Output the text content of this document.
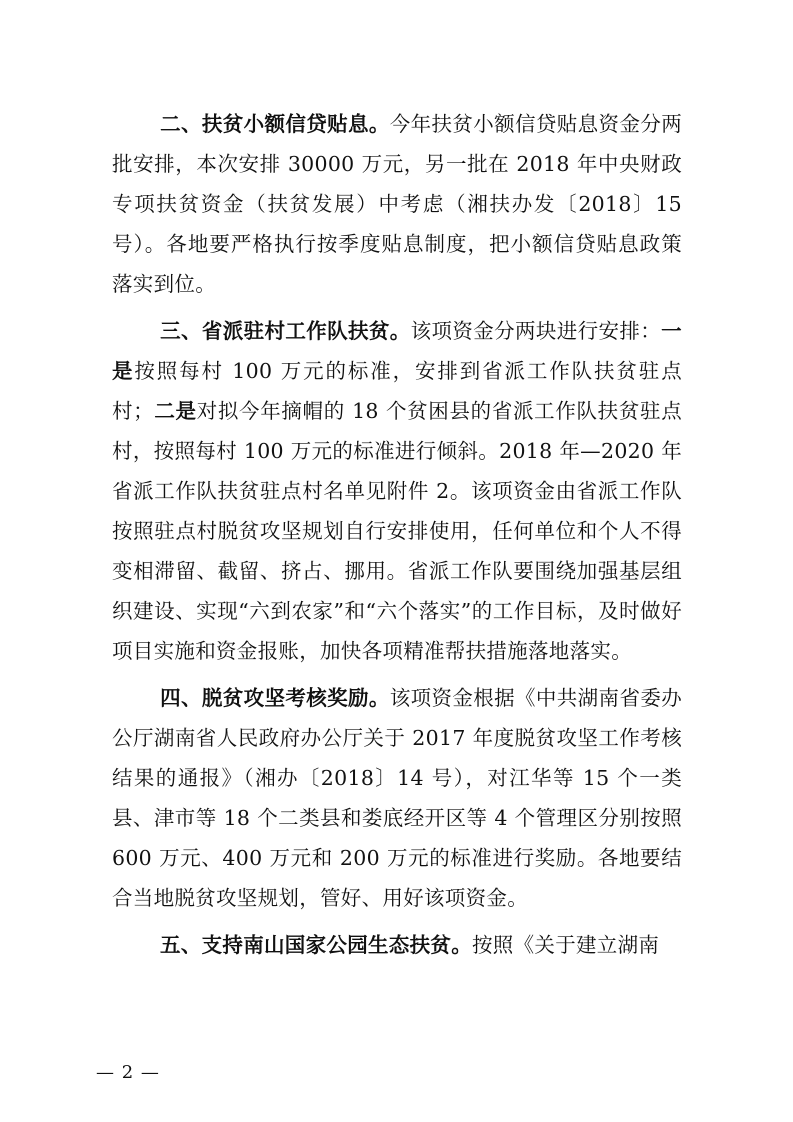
二、扶贫小额信贷贴息。今年扶贫小额信贷贴息资金分两批安排，本次安排 30000 万元，另一批在 2018 年中央财政专项扶贫资金（扶贫发展）中考虑（湘扶办发〔2018〕15 号）。各地要严格执行按季度贴息制度，把小额信贷贴息政策落实到位。

三、省派驻村工作队扶贫。该项资金分两块进行安排：一是按照每村 100 万元的标准，安排到省派工作队扶贫驻点村；二是对拟今年摘帽的 18 个贫困县的省派工作队扶贫驻点村，按照每村 100 万元的标准进行倾斜。2018 年—2020 年省派工作队扶贫驻点村名单见附件 2。该项资金由省派工作队按照驻点村脱贫攻坚规划自行安排使用，任何单位和个人不得变相滞留、截留、挤占、挪用。省派工作队要围绕加强基层组织建设、实现“六到农家”和“六个落实”的工作目标，及时做好项目实施和资金报账，加快各项精准帮扶措施落地落实。

四、脱贫攻坚考核奖励。该项资金根据《中共湖南省委办公厅湖南省人民政府办公厅关于 2017 年度脱贫攻坚工作考核结果的通报》（湘办〔2018〕14 号），对江华等 15 个一类县、津市等 18 个二类县和娄底经开区等 4 个管理区分别按照 600 万元、400 万元和 200 万元的标准进行奖励。各地要结合当地脱贫攻坚规划，管好、用好该项资金。

五、支持南山国家公园生态扶贫。按照《关于建立湖南

— 2 —
